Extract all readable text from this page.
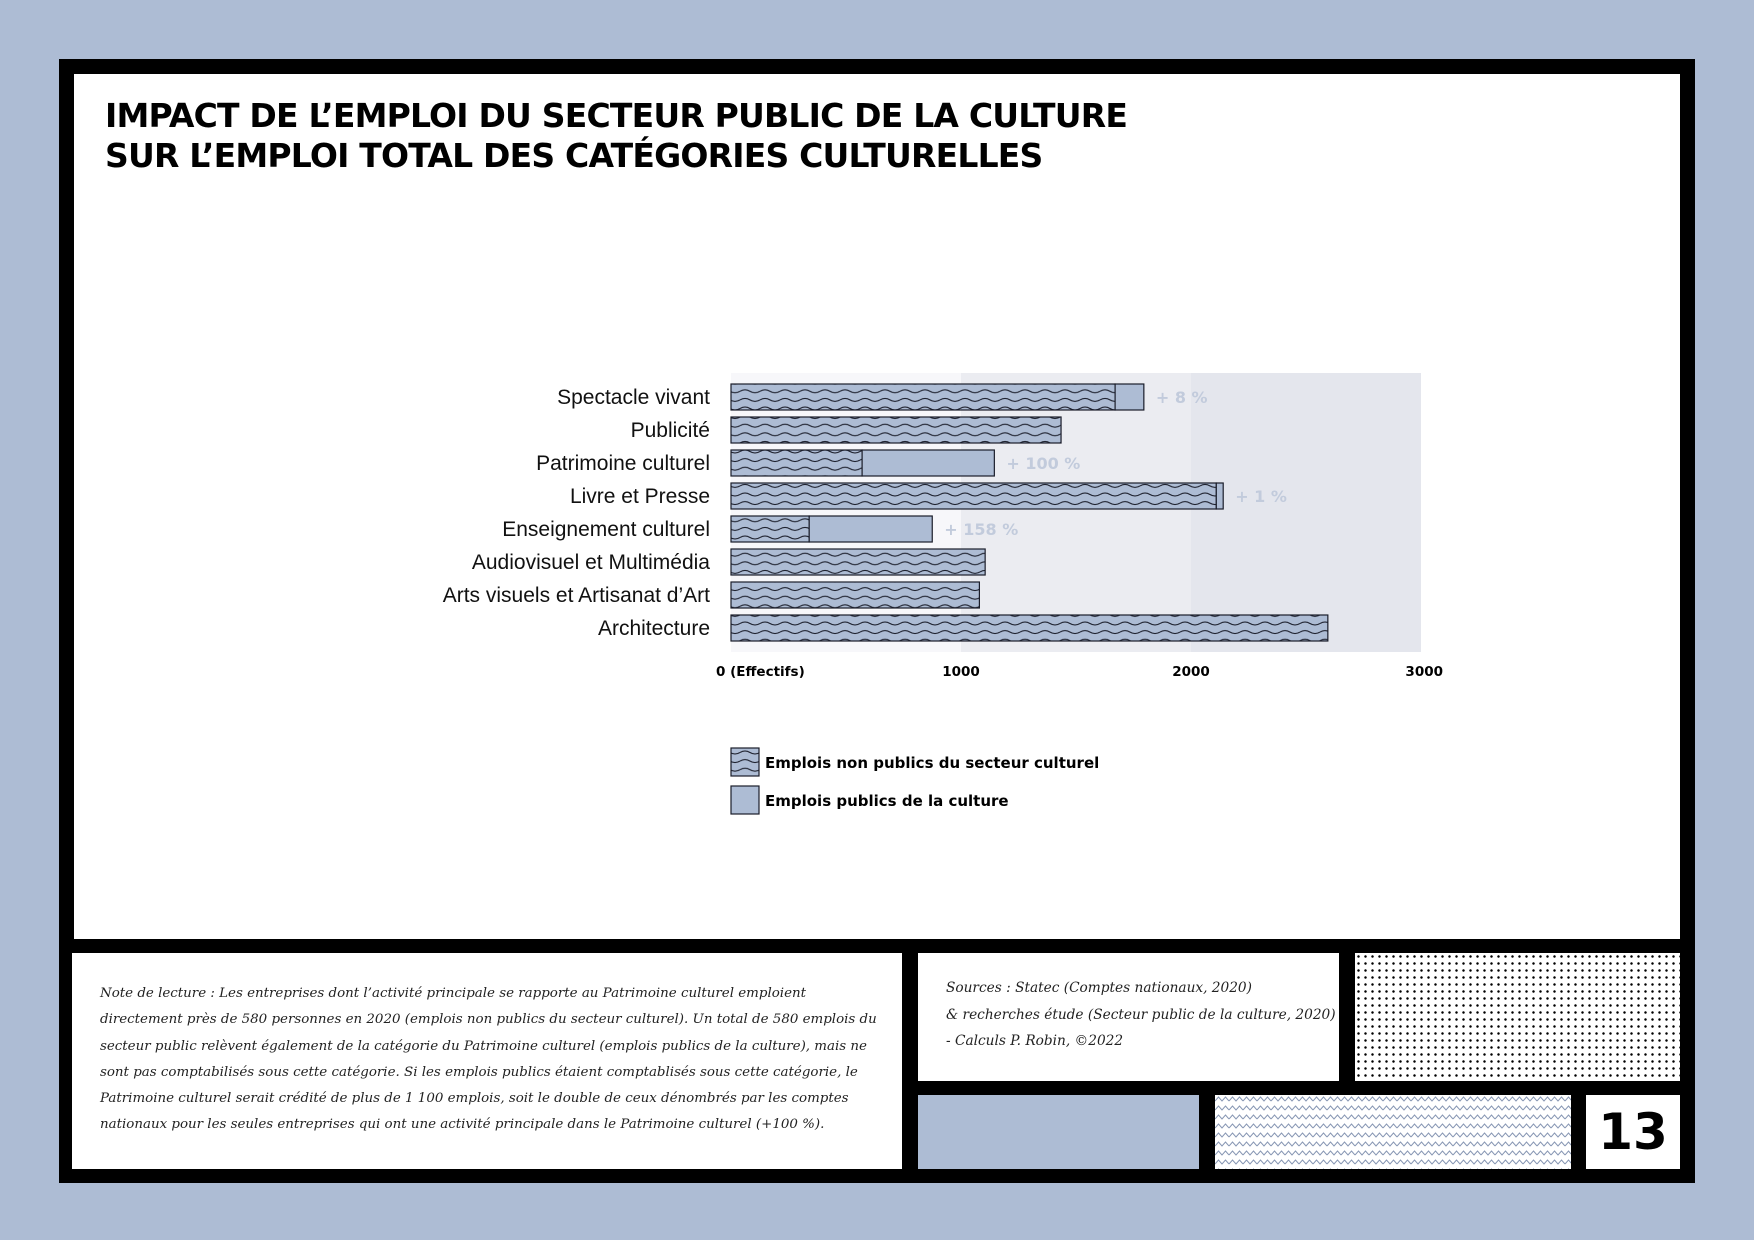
IMPACT DE L’EMPLOI DU SECTEUR PUBLIC DE LA CULTURE
SUR L’EMPLOI TOTAL DES CATÉGORIES CULTURELLES
Spectacle vivant
Publicité
Patrimoine culturel
Livre et Presse
Enseignement culturel
Audiovisuel et Multimédia
Arts visuels et Artisanat d’Art
Architecture
+ 8 %
+ 100 %
+ 1 %
+ 158 %
0 (Effectifs)	1000	2000	3000
Emplois non publics du secteur culturel
Emplois publics de la culture

Note de lecture : Les entreprises dont l’activité principale se rapporte au Patrimoine culturel emploient directement près de 580 personnes en 2020 (emplois non publics du secteur culturel). Un total de 580 emplois du secteur public relèvent également de la catégorie du Patrimoine culturel (emplois publics de la culture), mais ne sont pas comptabilisés sous cette catégorie. Si les emplois publics étaient comptablisés sous cette catégorie, le Patrimoine culturel serait crédité de plus de 1 100 emplois, soit le double de ceux dénombrés par les comptes nationaux pour les seules entreprises qui ont une activité principale dans le Patrimoine culturel (+100 %).

Sources : Statec (Comptes nationaux, 2020)
& recherches étude (Secteur public de la culture, 2020)
- Calculs P. Robin, ©2022

13
